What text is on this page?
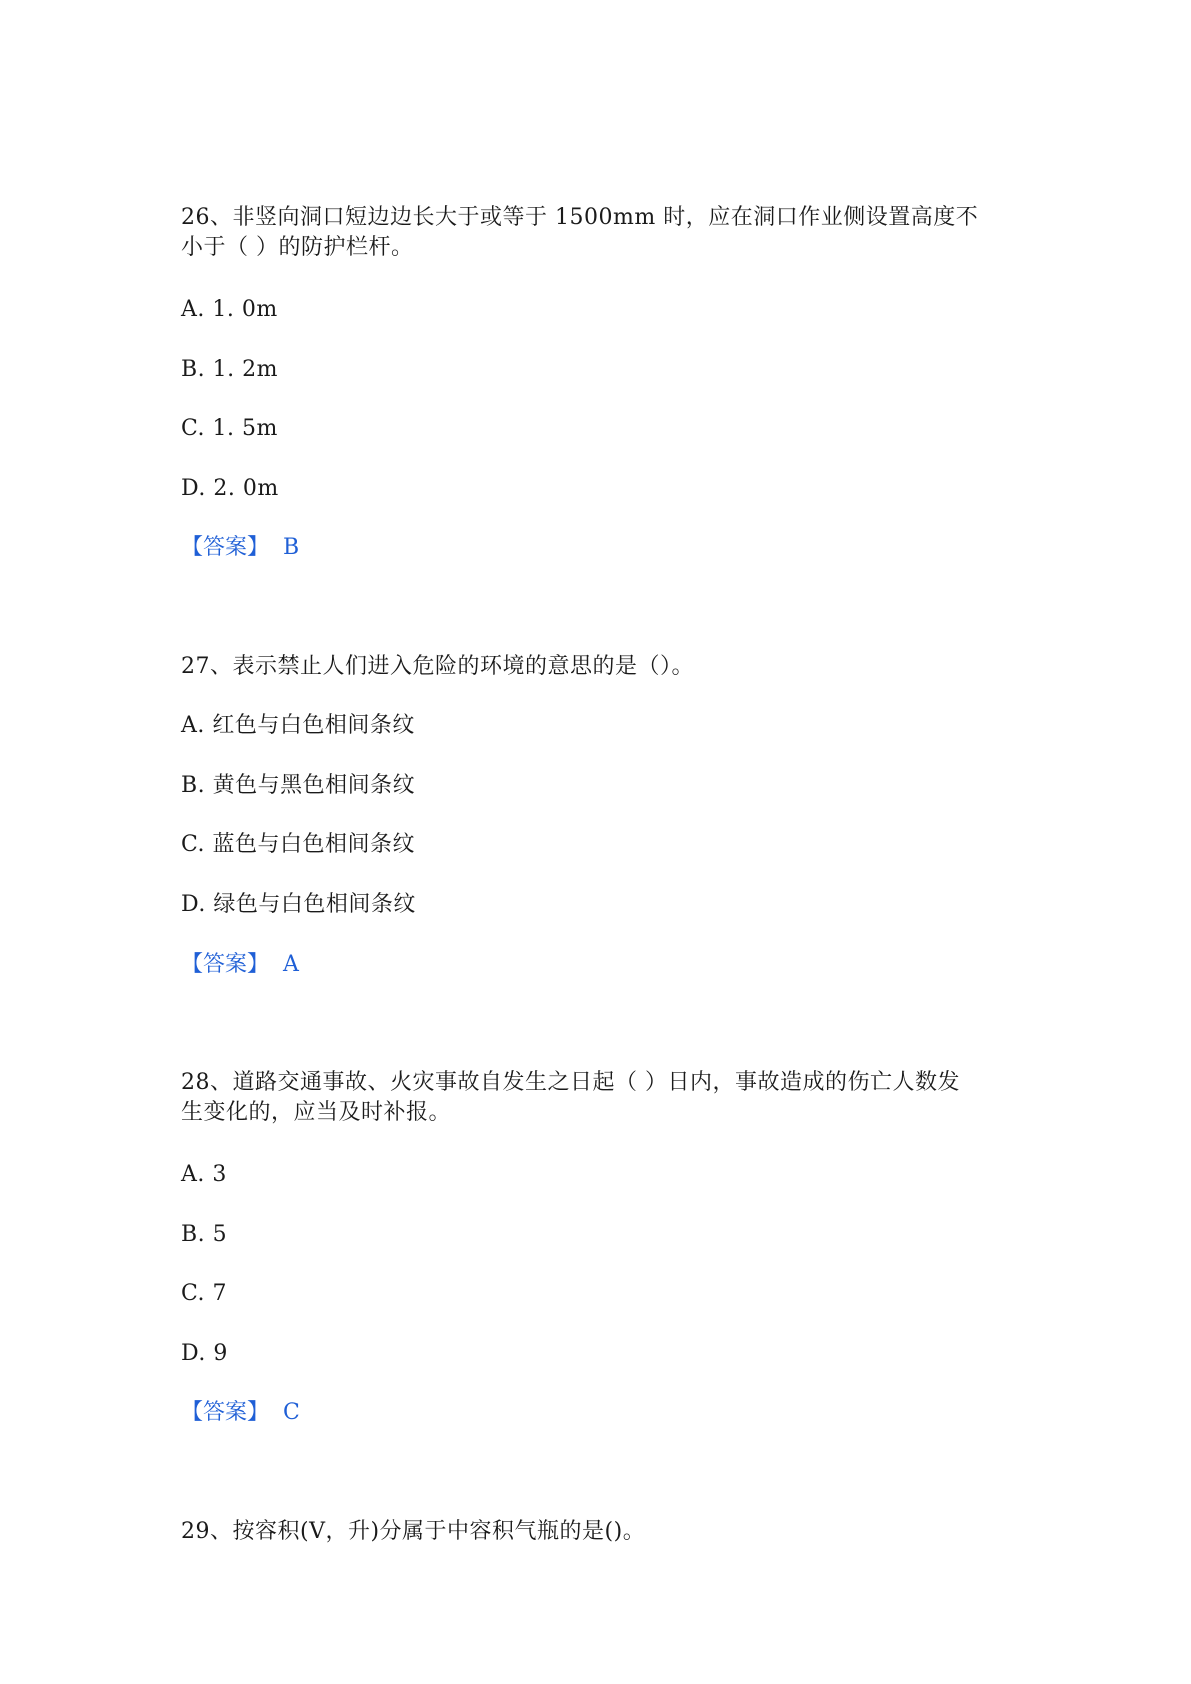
26、非竖向洞口短边边长大于或等于 1500mm 时，应在洞口作业侧设置高度不
小于（ ）的防护栏杆。
A. 1. 0m
B. 1. 2m
C. 1. 5m
D. 2. 0m
【答案】 B
27、表示禁止人们进入危险的环境的意思的是（）。
A. 红色与白色相间条纹
B. 黄色与黑色相间条纹
C. 蓝色与白色相间条纹
D. 绿色与白色相间条纹
【答案】 A
28、道路交通事故、火灾事故自发生之日起（ ）日内，事故造成的伤亡人数发
生变化的，应当及时补报。
A. 3
B. 5
C. 7
D. 9
【答案】 C
29、按容积(V，升)分属于中容积气瓶的是()。
